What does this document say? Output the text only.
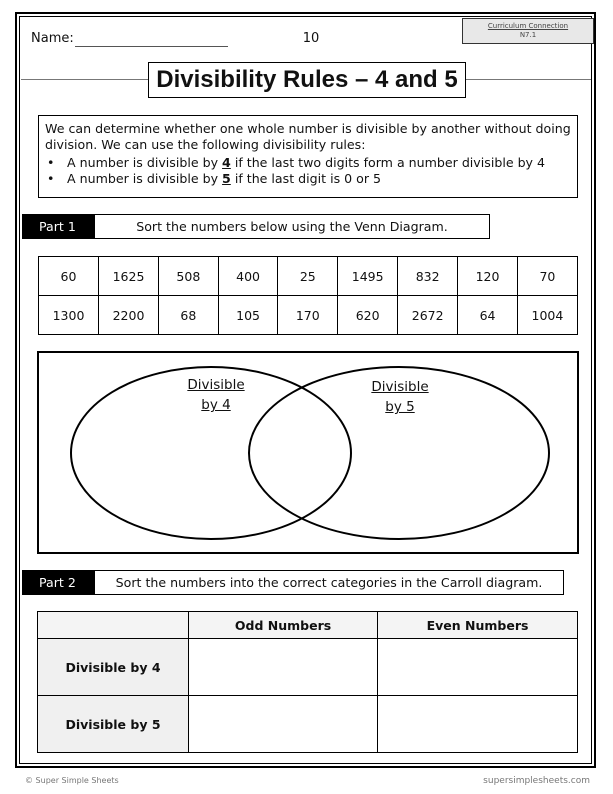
Name:	10
Curriculum Connection
N7.1
Divisibility Rules – 4 and 5
We can determine whether one whole number is divisible by another without doing division. We can use the following divisibility rules:
• A number is divisible by 4 if the last two digits form a number divisible by 4
• A number is divisible by 5 if the last digit is 0 or 5
Part 1	Sort the numbers below using the Venn Diagram.
60	1625	508	400	25	1495	832	120	70
1300	2200	68	105	170	620	2672	64	1004
Divisible
by 4
Divisible
by 5
Part 2	Sort the numbers into the correct categories in the Carroll diagram.
	Odd Numbers	Even Numbers
Divisible by 4		
Divisible by 5		
© Super Simple Sheets	supersimplesheets.com
